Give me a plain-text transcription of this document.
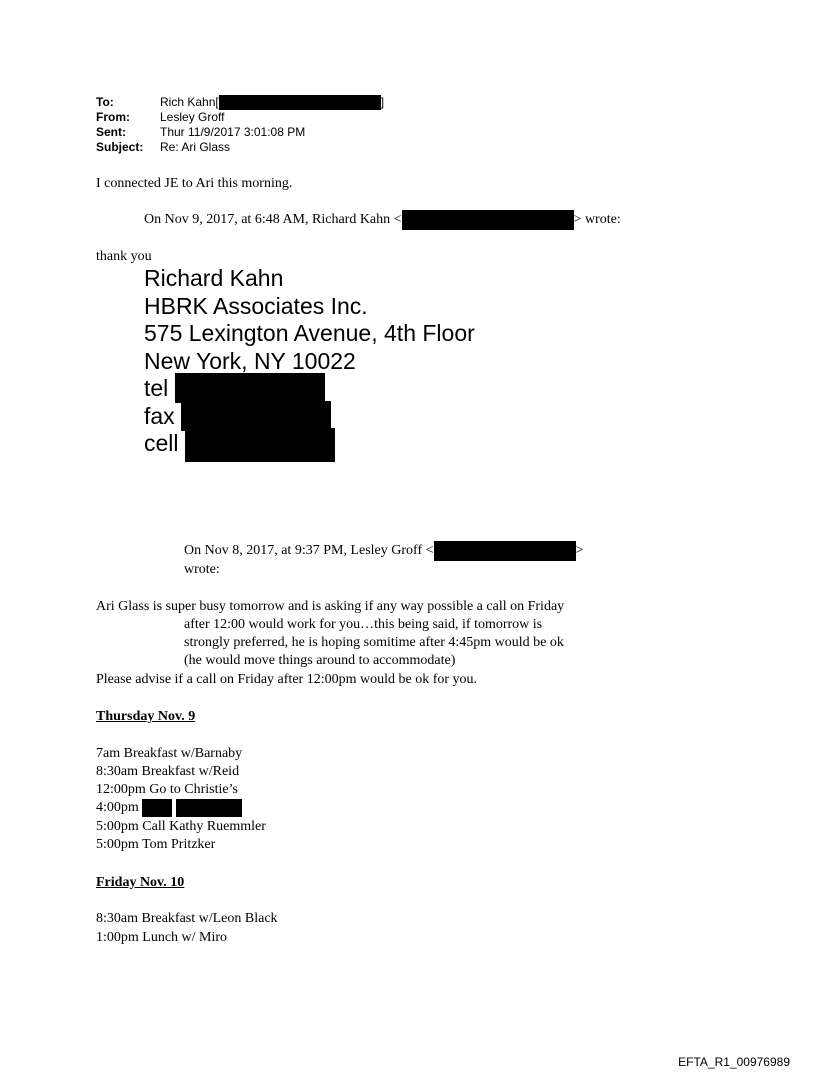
To:	Rich Kahn[	]
From:	Lesley Groff
Sent:	Thur 11/9/2017 3:01:08 PM
Subject:	Re: Ari Glass
I connected JE to Ari this morning.
On Nov 9, 2017, at 6:48 AM, Richard Kahn <	> wrote:
thank you
Richard Kahn
HBRK Associates Inc.
575 Lexington Avenue, 4th Floor
New York, NY 10022
tel
fax
cell
On Nov 8, 2017, at 9:37 PM, Lesley Groff <	>
wrote:
Ari Glass is super busy tomorrow and is asking if any way possible a call on Friday
after 12:00 would work for you…this being said, if tomorrow is
strongly preferred, he is hoping somitime after 4:45pm would be ok
(he would move things around to accommodate)
Please advise if a call on Friday after 12:00pm would be ok for you.
Thursday Nov. 9
7am Breakfast w/Barnaby
8:30am Breakfast w/Reid
12:00pm Go to Christie’s
4:00pm
5:00pm Call Kathy Ruemmler
5:00pm Tom Pritzker
Friday Nov. 10
8:30am Breakfast w/Leon Black
1:00pm Lunch w/ Miro
EFTA_R1_00976989
